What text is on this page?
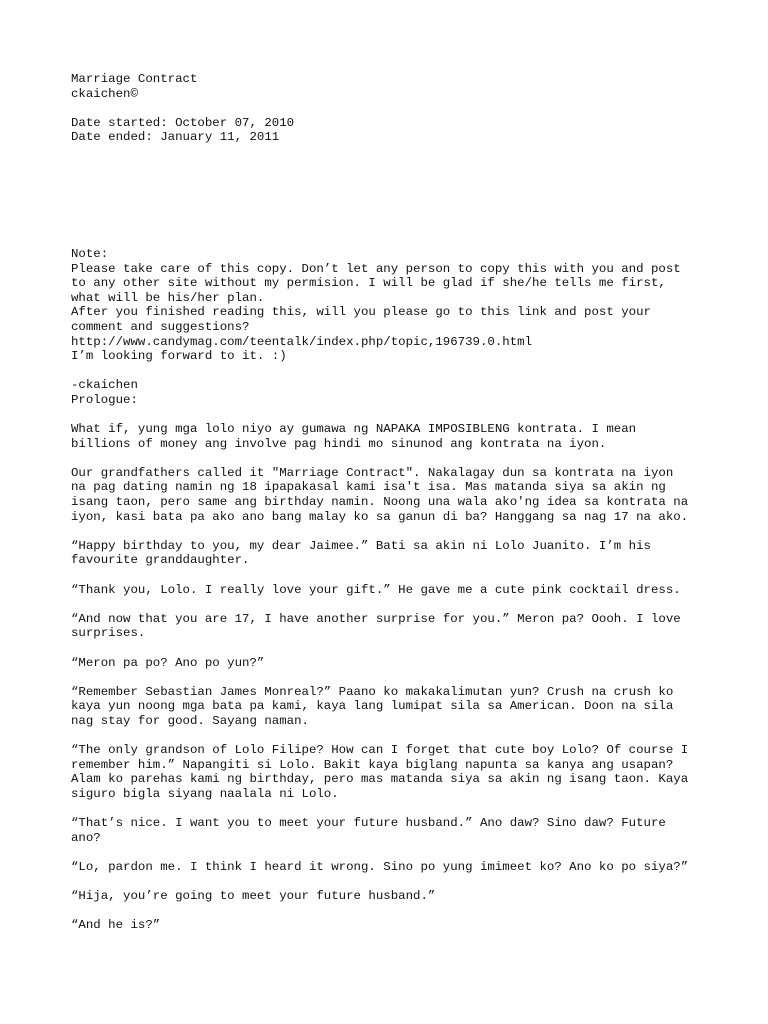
Marriage Contract
ckaichen©
Date started: October 07, 2010
Date ended: January 11, 2011
Note:
Please take care of this copy. Don’t let any person to copy this with you and post
to any other site without my permision. I will be glad if she/he tells me first,
what will be his/her plan.
After you finished reading this, will you please go to this link and post your
comment and suggestions?
http://www.candymag.com/teentalk/index.php/topic,196739.0.html
I’m looking forward to it. :)
-ckaichen
Prologue:
What if, yung mga lolo niyo ay gumawa ng NAPAKA IMPOSIBLENG kontrata. I mean
billions of money ang involve pag hindi mo sinunod ang kontrata na iyon.
Our grandfathers called it "Marriage Contract". Nakalagay dun sa kontrata na iyon
na pag dating namin ng 18 ipapakasal kami isa't isa. Mas matanda siya sa akin ng
isang taon, pero same ang birthday namin. Noong una wala ako'ng idea sa kontrata na
iyon, kasi bata pa ako ano bang malay ko sa ganun di ba? Hanggang sa nag 17 na ako.
“Happy birthday to you, my dear Jaimee.” Bati sa akin ni Lolo Juanito. I’m his
favourite granddaughter.
“Thank you, Lolo. I really love your gift.” He gave me a cute pink cocktail dress.
“And now that you are 17, I have another surprise for you.” Meron pa? Oooh. I love
surprises.
“Meron pa po? Ano po yun?”
“Remember Sebastian James Monreal?” Paano ko makakalimutan yun? Crush na crush ko
kaya yun noong mga bata pa kami, kaya lang lumipat sila sa American. Doon na sila
nag stay for good. Sayang naman.
“The only grandson of Lolo Filipe? How can I forget that cute boy Lolo? Of course I
remember him.” Napangiti si Lolo. Bakit kaya biglang napunta sa kanya ang usapan?
Alam ko parehas kami ng birthday, pero mas matanda siya sa akin ng isang taon. Kaya
siguro bigla siyang naalala ni Lolo.
“That’s nice. I want you to meet your future husband.” Ano daw? Sino daw? Future
ano?
“Lo, pardon me. I think I heard it wrong. Sino po yung imimeet ko? Ano ko po siya?”
“Hija, you’re going to meet your future husband.”
“And he is?”
